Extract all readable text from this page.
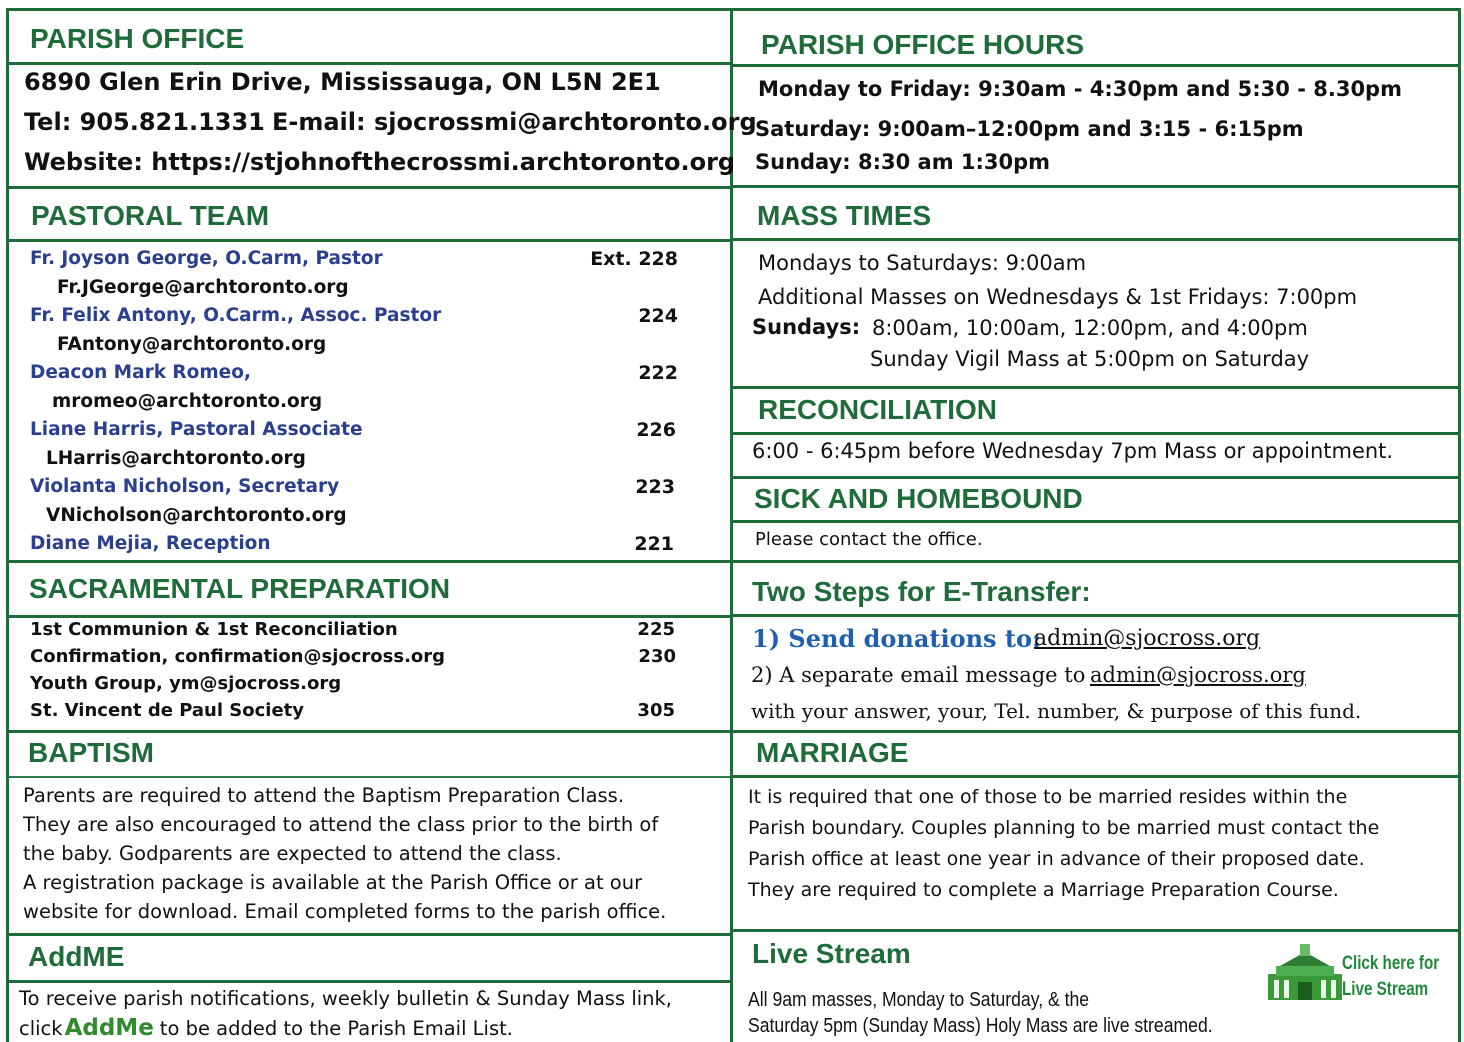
PARISH OFFICE
6890 Glen Erin Drive, Mississauga, ON L5N 2E1
Tel: 905.821.1331 E-mail: sjocrossmi@archtoronto.org
Website: https://stjohnofthecrossmi.archtoronto.org
PARISH OFFICE HOURS
Monday to Friday: 9:30am - 4:30pm and 5:30 - 8.30pm
Saturday: 9:00am–12:00pm and 3:15 - 6:15pm
Sunday: 8:30 am 1:30pm
PASTORAL TEAM
Fr. Joyson George, O.Carm, Pastor	Ext. 228
Fr.JGeorge@archtoronto.org
Fr. Felix Antony, O.Carm., Assoc. Pastor	224
FAntony@archtoronto.org
Deacon Mark Romeo,	222
mromeo@archtoronto.org
Liane Harris, Pastoral Associate	226
LHarris@archtoronto.org
Violanta Nicholson, Secretary	223
VNicholson@archtoronto.org
Diane Mejia, Reception	221
MASS TIMES
Mondays to Saturdays: 9:00am
Additional Masses on Wednesdays & 1st Fridays: 7:00pm
Sundays: 8:00am, 10:00am, 12:00pm, and 4:00pm
Sunday Vigil Mass at 5:00pm on Saturday
RECONCILIATION
6:00 - 6:45pm before Wednesday 7pm Mass or appointment.
SICK AND HOMEBOUND
Please contact the office.
SACRAMENTAL PREPARATION
1st Communion & 1st Reconciliation	225
Confirmation, confirmation@sjocross.org	230
Youth Group, ym@sjocross.org
St. Vincent de Paul Society	305
Two Steps for E-Transfer:
1) Send donations to:
admin@sjocross.org
2) A separate email message to admin@sjocross.org
with your answer, your, Tel. number, & purpose of this fund.
BAPTISM
Parents are required to attend the Baptism Preparation Class.
They are also encouraged to attend the class prior to the birth of
the baby. Godparents are expected to attend the class.
A registration package is available at the Parish Office or at our
website for download. Email completed forms to the parish office.
MARRIAGE
It is required that one of those to be married resides within the
Parish boundary. Couples planning to be married must contact the
Parish office at least one year in advance of their proposed date.
They are required to complete a Marriage Preparation Course.
AddME
To receive parish notifications, weekly bulletin & Sunday Mass link,
clickAddMe to be added to the Parish Email List.
Live Stream
All 9am masses, Monday to Saturday, & the
Saturday 5pm (Sunday Mass) Holy Mass are live streamed.
Click here for
Live Stream
